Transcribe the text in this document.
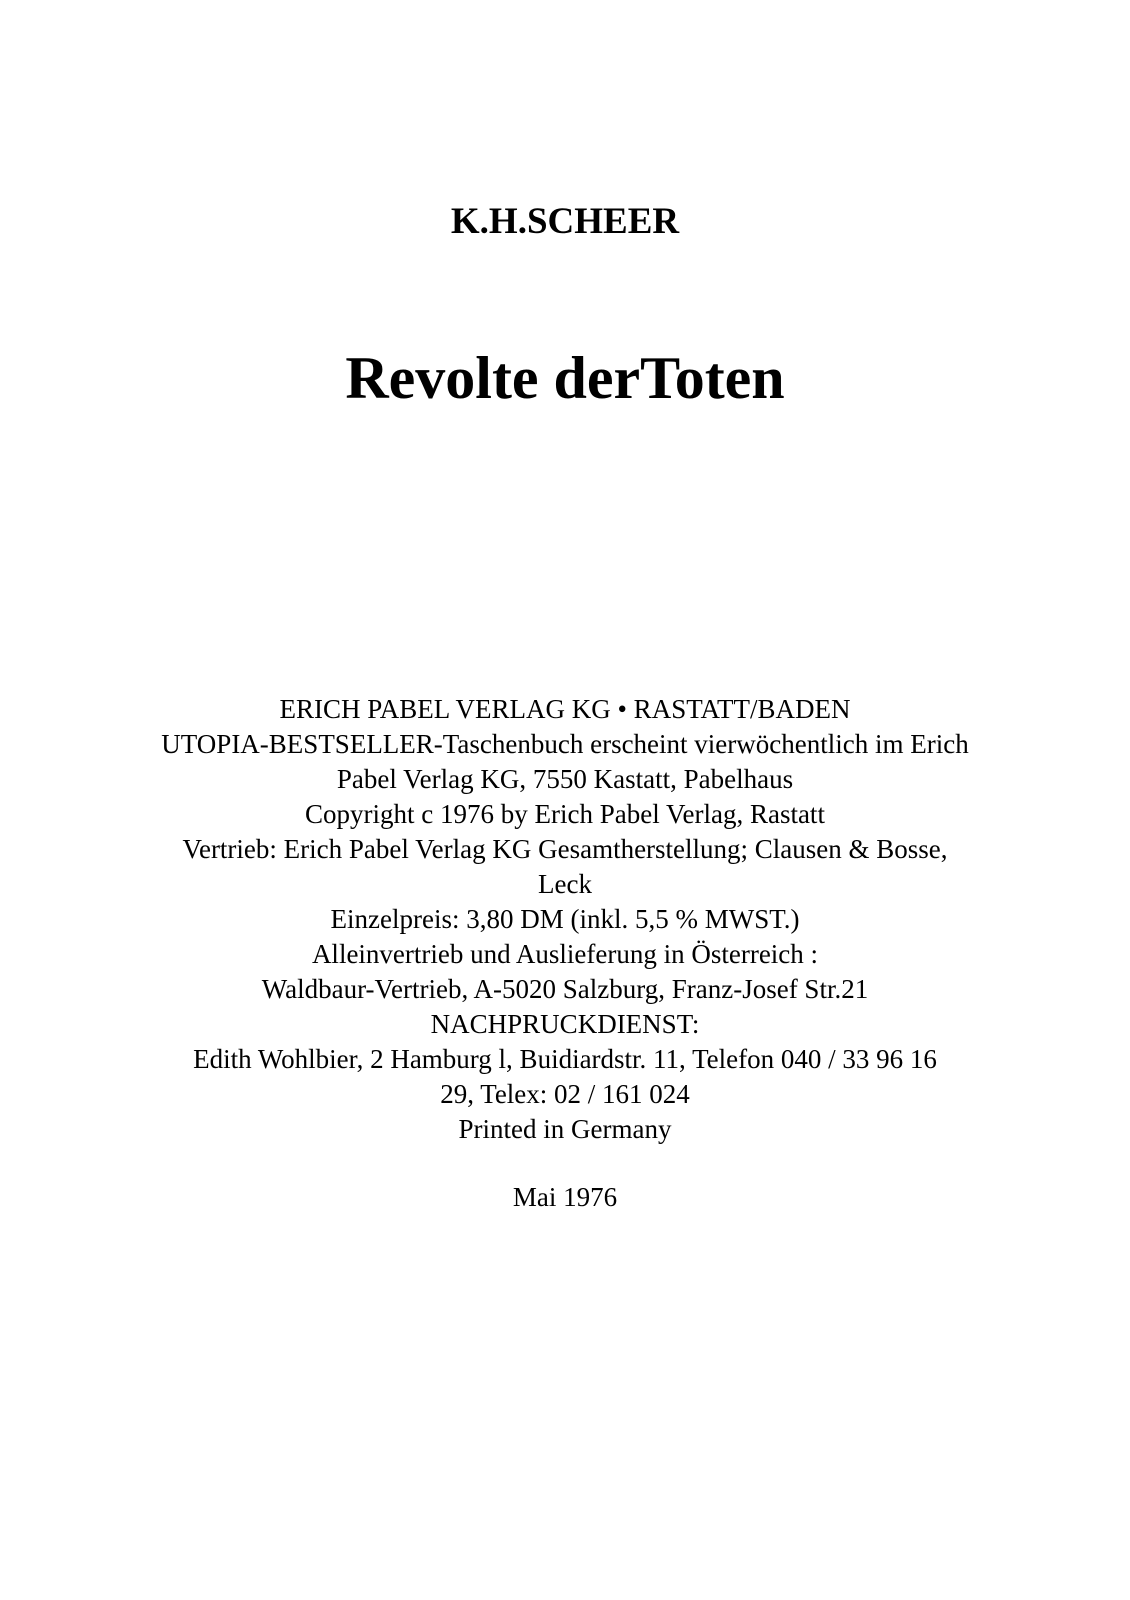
K.H.SCHEER
Revolte derToten
ERICH PABEL VERLAG KG • RASTATT/BADEN
UTOPIA-BESTSELLER-Taschenbuch erscheint vierwöchentlich im Erich
Pabel Verlag KG, 7550 Kastatt, Pabelhaus
Copyright c 1976 by Erich Pabel Verlag, Rastatt
Vertrieb: Erich Pabel Verlag KG Gesamtherstellung; Clausen & Bosse,
Leck
Einzelpreis: 3,80 DM (inkl. 5,5 % MWST.)
Alleinvertrieb und Auslieferung in Österreich :
Waldbaur-Vertrieb, A-5020 Salzburg, Franz-Josef Str.21
NACHPRUCKDIENST:
Edith Wohlbier, 2 Hamburg l, Buidiardstr. 11, Telefon 040 / 33 96 16
29, Telex: 02 / 161 024
Printed in Germany
Mai 1976
